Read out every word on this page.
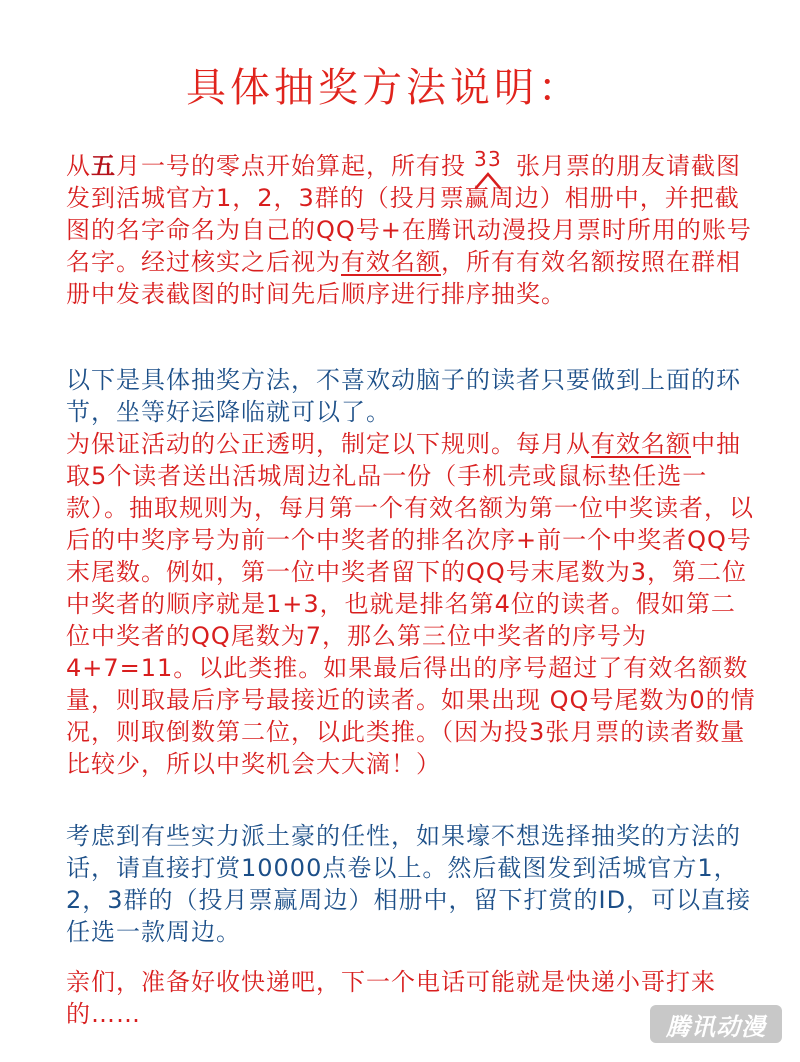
具体抽奖方法说明：
3 3

从五月一号的零点开始算起，所有投   张月票的朋友请截图发到活城官方1，2，3群的（投月票赢周边）相册中，并把截图的名字命名为自己的QQ号+在腾讯动漫投月票时所用的账号名字。经过核实之后视为有效名额，所有有效名额按照在群相册中发表截图的时间先后顺序进行排序抽奖。

以下是具体抽奖方法，不喜欢动脑子的读者只要做到上面的环节，坐等好运降临就可以了。

为保证活动的公正透明，制定以下规则。每月从有效名额中抽取5个读者送出活城周边礼品一份（手机壳或鼠标垫任选一款）。抽取规则为，每月第一个有效名额为第一位中奖读者，以后的中奖序号为前一个中奖者的排名次序+前一个中奖者QQ号末尾数。例如，第一位中奖者留下的QQ号末尾数为3，第二位中奖者的顺序就是1+3，也就是排名第4位的读者。假如第二位中奖者的QQ尾数为7，那么第三位中奖者的序号为4+7=11。以此类推。如果最后得出的序号超过了有效名额数量，则取最后序号最接近的读者。如果出现 QQ号尾数为0的情况，则取倒数第二位，以此类推。（因为投3张月票的读者数量比较少，所以中奖机会大大滴！）

考虑到有些实力派土豪的任性，如果壕不想选择抽奖的方法的话，请直接打赏10000点卷以上。然后截图发到活城官方1，2，3群的（投月票赢周边）相册中，留下打赏的ID，可以直接任选一款周边。

亲们，准备好收快递吧，下一个电话可能就是快递小哥打来的……	腾讯动漫
